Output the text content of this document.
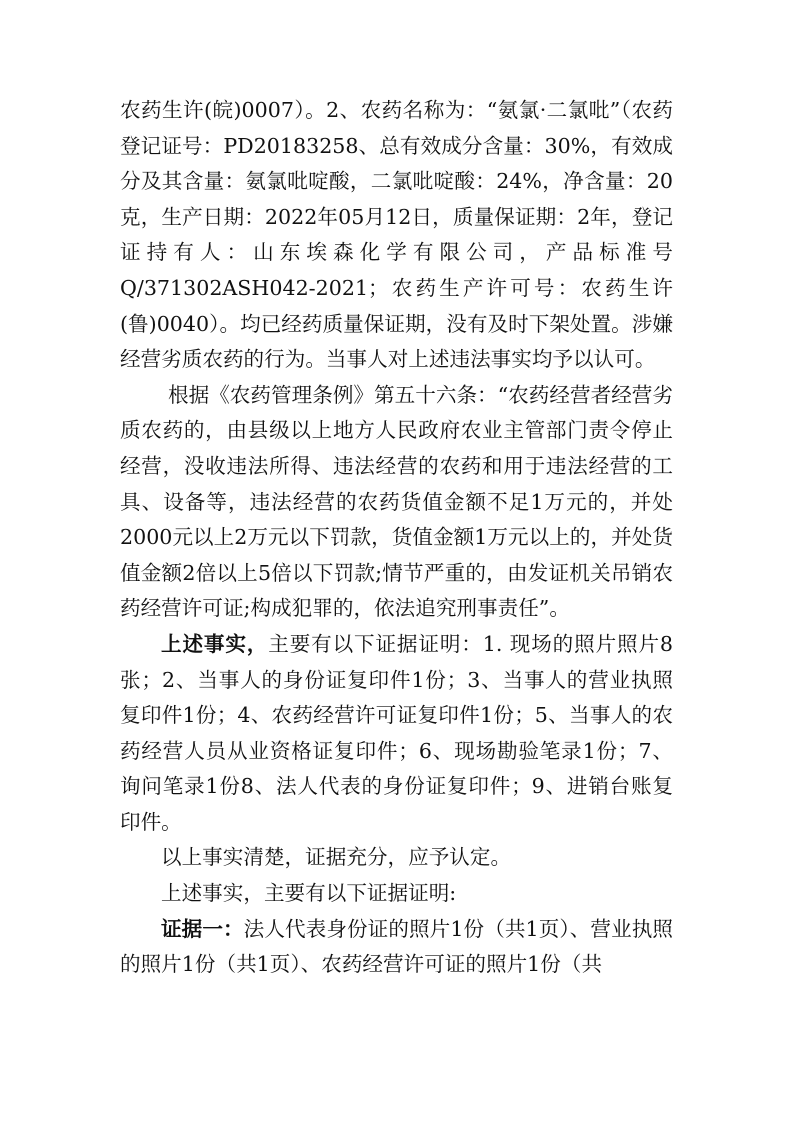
农药生许(皖)0007）。2、农药名称为：“氨氯·二氯吡”（农药登记证号：PD20183258、总有效成分含量：30%，有效成分及其含量：氨氯吡啶酸，二氯吡啶酸：24%，净含量：20克，生产日期：2022年05月12日，质量保证期：2年，登记证持有人：山东埃森化学有限公司，产品标准号Q/371302ASH042-2021；农药生产许可号：农药生许(鲁)0040）。均已经药质量保证期，没有及时下架处置。涉嫌经营劣质农药的行为。当事人对上述违法事实均予以认可。

根据《农药管理条例》第五十六条：“农药经营者经营劣质农药的，由县级以上地方人民政府农业主管部门责令停止经营，没收违法所得、违法经营的农药和用于违法经营的工具、设备等，违法经营的农药货值金额不足1万元的，并处2000元以上2万元以下罚款，货值金额1万元以上的，并处货值金额2倍以上5倍以下罚款;情节严重的，由发证机关吊销农药经营许可证;构成犯罪的，依法追究刑事责任”。

上述事实，主要有以下证据证明：1. 现场的照片照片8张；2、当事人的身份证复印件1份；3、当事人的营业执照复印件1份；4、农药经营许可证复印件1份；5、当事人的农药经营人员从业资格证复印件；6、现场勘验笔录1份；7、询问笔录1份8、法人代表的身份证复印件；9、进销台账复印件。

以上事实清楚，证据充分，应予认定。

上述事实，主要有以下证据证明:

证据一：法人代表身份证的照片1份（共1页）、营业执照的照片1份（共1页）、农药经营许可证的照片1份（共
